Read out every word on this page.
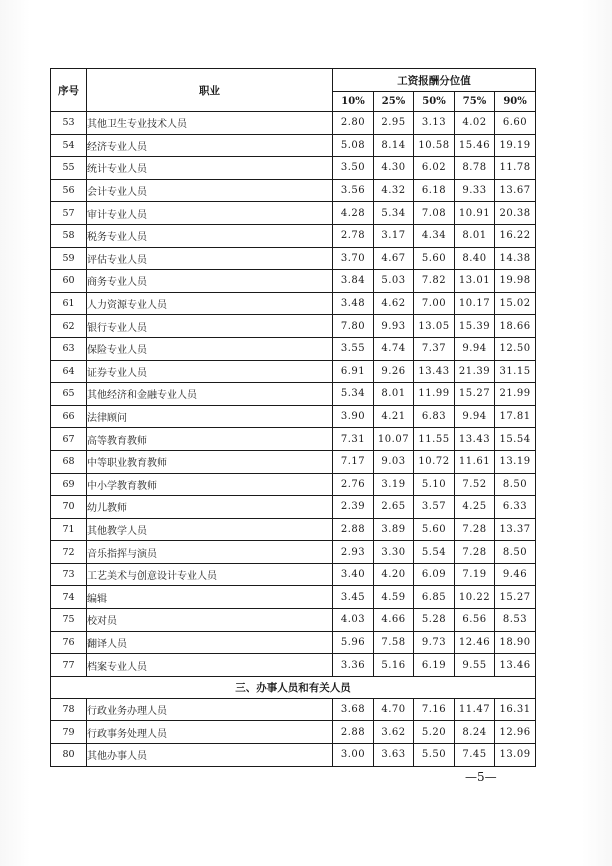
序号	职业	工资报酬分位值				
		10%	25%	50%	75%	90%
53	其他卫生专业技术人员	2.80	2.95	3.13	4.02	6.60
54	经济专业人员	5.08	8.14	10.58	15.46	19.19
55	统计专业人员	3.50	4.30	6.02	8.78	11.78
56	会计专业人员	3.56	4.32	6.18	9.33	13.67
57	审计专业人员	4.28	5.34	7.08	10.91	20.38
58	税务专业人员	2.78	3.17	4.34	8.01	16.22
59	评估专业人员	3.70	4.67	5.60	8.40	14.38
60	商务专业人员	3.84	5.03	7.82	13.01	19.98
61	人力资源专业人员	3.48	4.62	7.00	10.17	15.02
62	银行专业人员	7.80	9.93	13.05	15.39	18.66
63	保险专业人员	3.55	4.74	7.37	9.94	12.50
64	证券专业人员	6.91	9.26	13.43	21.39	31.15
65	其他经济和金融专业人员	5.34	8.01	11.99	15.27	21.99
66	法律顾问	3.90	4.21	6.83	9.94	17.81
67	高等教育教师	7.31	10.07	11.55	13.43	15.54
68	中等职业教育教师	7.17	9.03	10.72	11.61	13.19
69	中小学教育教师	2.76	3.19	5.10	7.52	8.50
70	幼儿教师	2.39	2.65	3.57	4.25	6.33
71	其他教学人员	2.88	3.89	5.60	7.28	13.37
72	音乐指挥与演员	2.93	3.30	5.54	7.28	8.50
73	工艺美术与创意设计专业人员	3.40	4.20	6.09	7.19	9.46
74	编辑	3.45	4.59	6.85	10.22	15.27
75	校对员	4.03	4.66	5.28	6.56	8.53
76	翻译人员	5.96	7.58	9.73	12.46	18.90
77	档案专业人员	3.36	5.16	6.19	9.55	13.46
三、办事人员和有关人员						
78	行政业务办理人员	3.68	4.70	7.16	11.47	16.31
79	行政事务处理人员	2.88	3.62	5.20	8.24	12.96
80	其他办事人员	3.00	3.63	5.50	7.45	13.09
—5—
